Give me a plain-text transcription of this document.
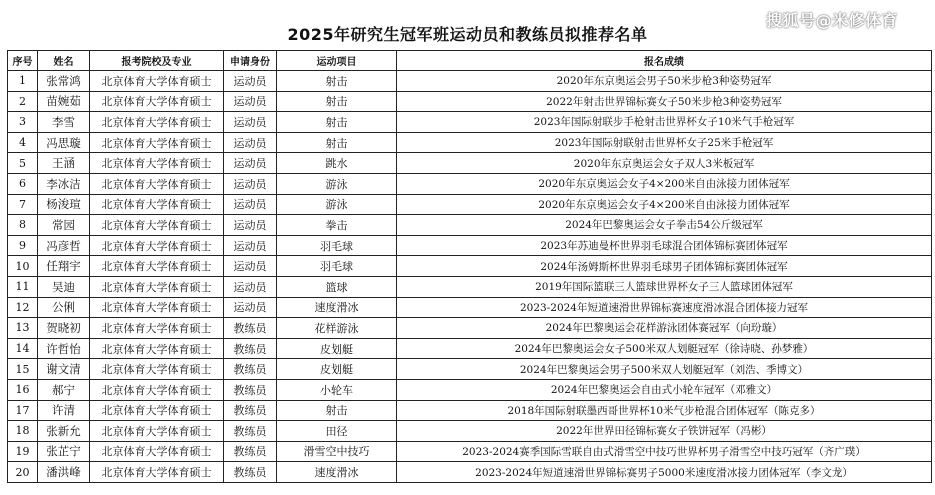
2025年研究生冠军班运动员和教练员拟推荐名单
搜狐号@米修体育
序号	姓名	报考院校及专业	申请身份	运动项目	报名成绩
1	张常鸿	北京体育大学体育硕士	运动员	射击	2020年东京奥运会男子50米步枪3种姿势冠军
2	苗婉茹	北京体育大学体育硕士	运动员	射击	2022年射击世界锦标赛女子50米步枪3种姿势冠军
3	李雪	北京体育大学体育硕士	运动员	射击	2023年国际射联步手枪射击世界杯女子10米气手枪冠军
4	冯思璇	北京体育大学体育硕士	运动员	射击	2023年国际射联射击世界杯女子25米手枪冠军
5	王涵	北京体育大学体育硕士	运动员	跳水	2020年东京奥运会女子双人3米板冠军
6	李冰洁	北京体育大学体育硕士	运动员	游泳	2020年东京奥运会女子4×200米自由泳接力团体冠军
7	杨浚瑄	北京体育大学体育硕士	运动员	游泳	2020年东京奥运会女子4×200米自由泳接力团体冠军
8	常园	北京体育大学体育硕士	运动员	拳击	2024年巴黎奥运会女子拳击54公斤级冠军
9	冯彦哲	北京体育大学体育硕士	运动员	羽毛球	2023年苏迪曼杯世界羽毛球混合团体锦标赛团体冠军
10	任翔宇	北京体育大学体育硕士	运动员	羽毛球	2024年汤姆斯杯世界羽毛球男子团体锦标赛团体冠军
11	吴迪	北京体育大学体育硕士	运动员	篮球	2019年国际篮联三人篮球世界杯女子三人篮球团体冠军
12	公俐	北京体育大学体育硕士	运动员	速度滑冰	2023-2024年短道速滑世界锦标赛速度滑冰混合团体接力冠军
13	贺晓初	北京体育大学体育硕士	教练员	花样游泳	2024年巴黎奥运会花样游泳团体赛冠军（向玢璇）
14	许哲怡	北京体育大学体育硕士	教练员	皮划艇	2024年巴黎奥运会女子500米双人划艇冠军（徐诗晓、孙梦雅）
15	谢文清	北京体育大学体育硕士	教练员	皮划艇	2024年巴黎奥运会男子500米双人划艇冠军（刘浩、季博文）
16	郝宁	北京体育大学体育硕士	教练员	小轮车	2024年巴黎奥运会自由式小轮车冠军（邓雅文）
17	许清	北京体育大学体育硕士	教练员	射击	2018年国际射联墨西哥世界杯10米气步枪混合团体冠军（陈克多）
18	张新允	北京体育大学体育硕士	教练员	田径	2022年世界田径锦标赛女子铁饼冠军（冯彬）
19	张芷宁	北京体育大学体育硕士	教练员	滑雪空中技巧	2023-2024赛季国际雪联自由式滑雪空中技巧世界杯男子滑雪空中技巧冠军（齐广璞）
20	潘洪峰	北京体育大学体育硕士	教练员	速度滑冰	2023-2024年短道速滑世界锦标赛男子5000米速度滑冰接力团体冠军（李文龙）
